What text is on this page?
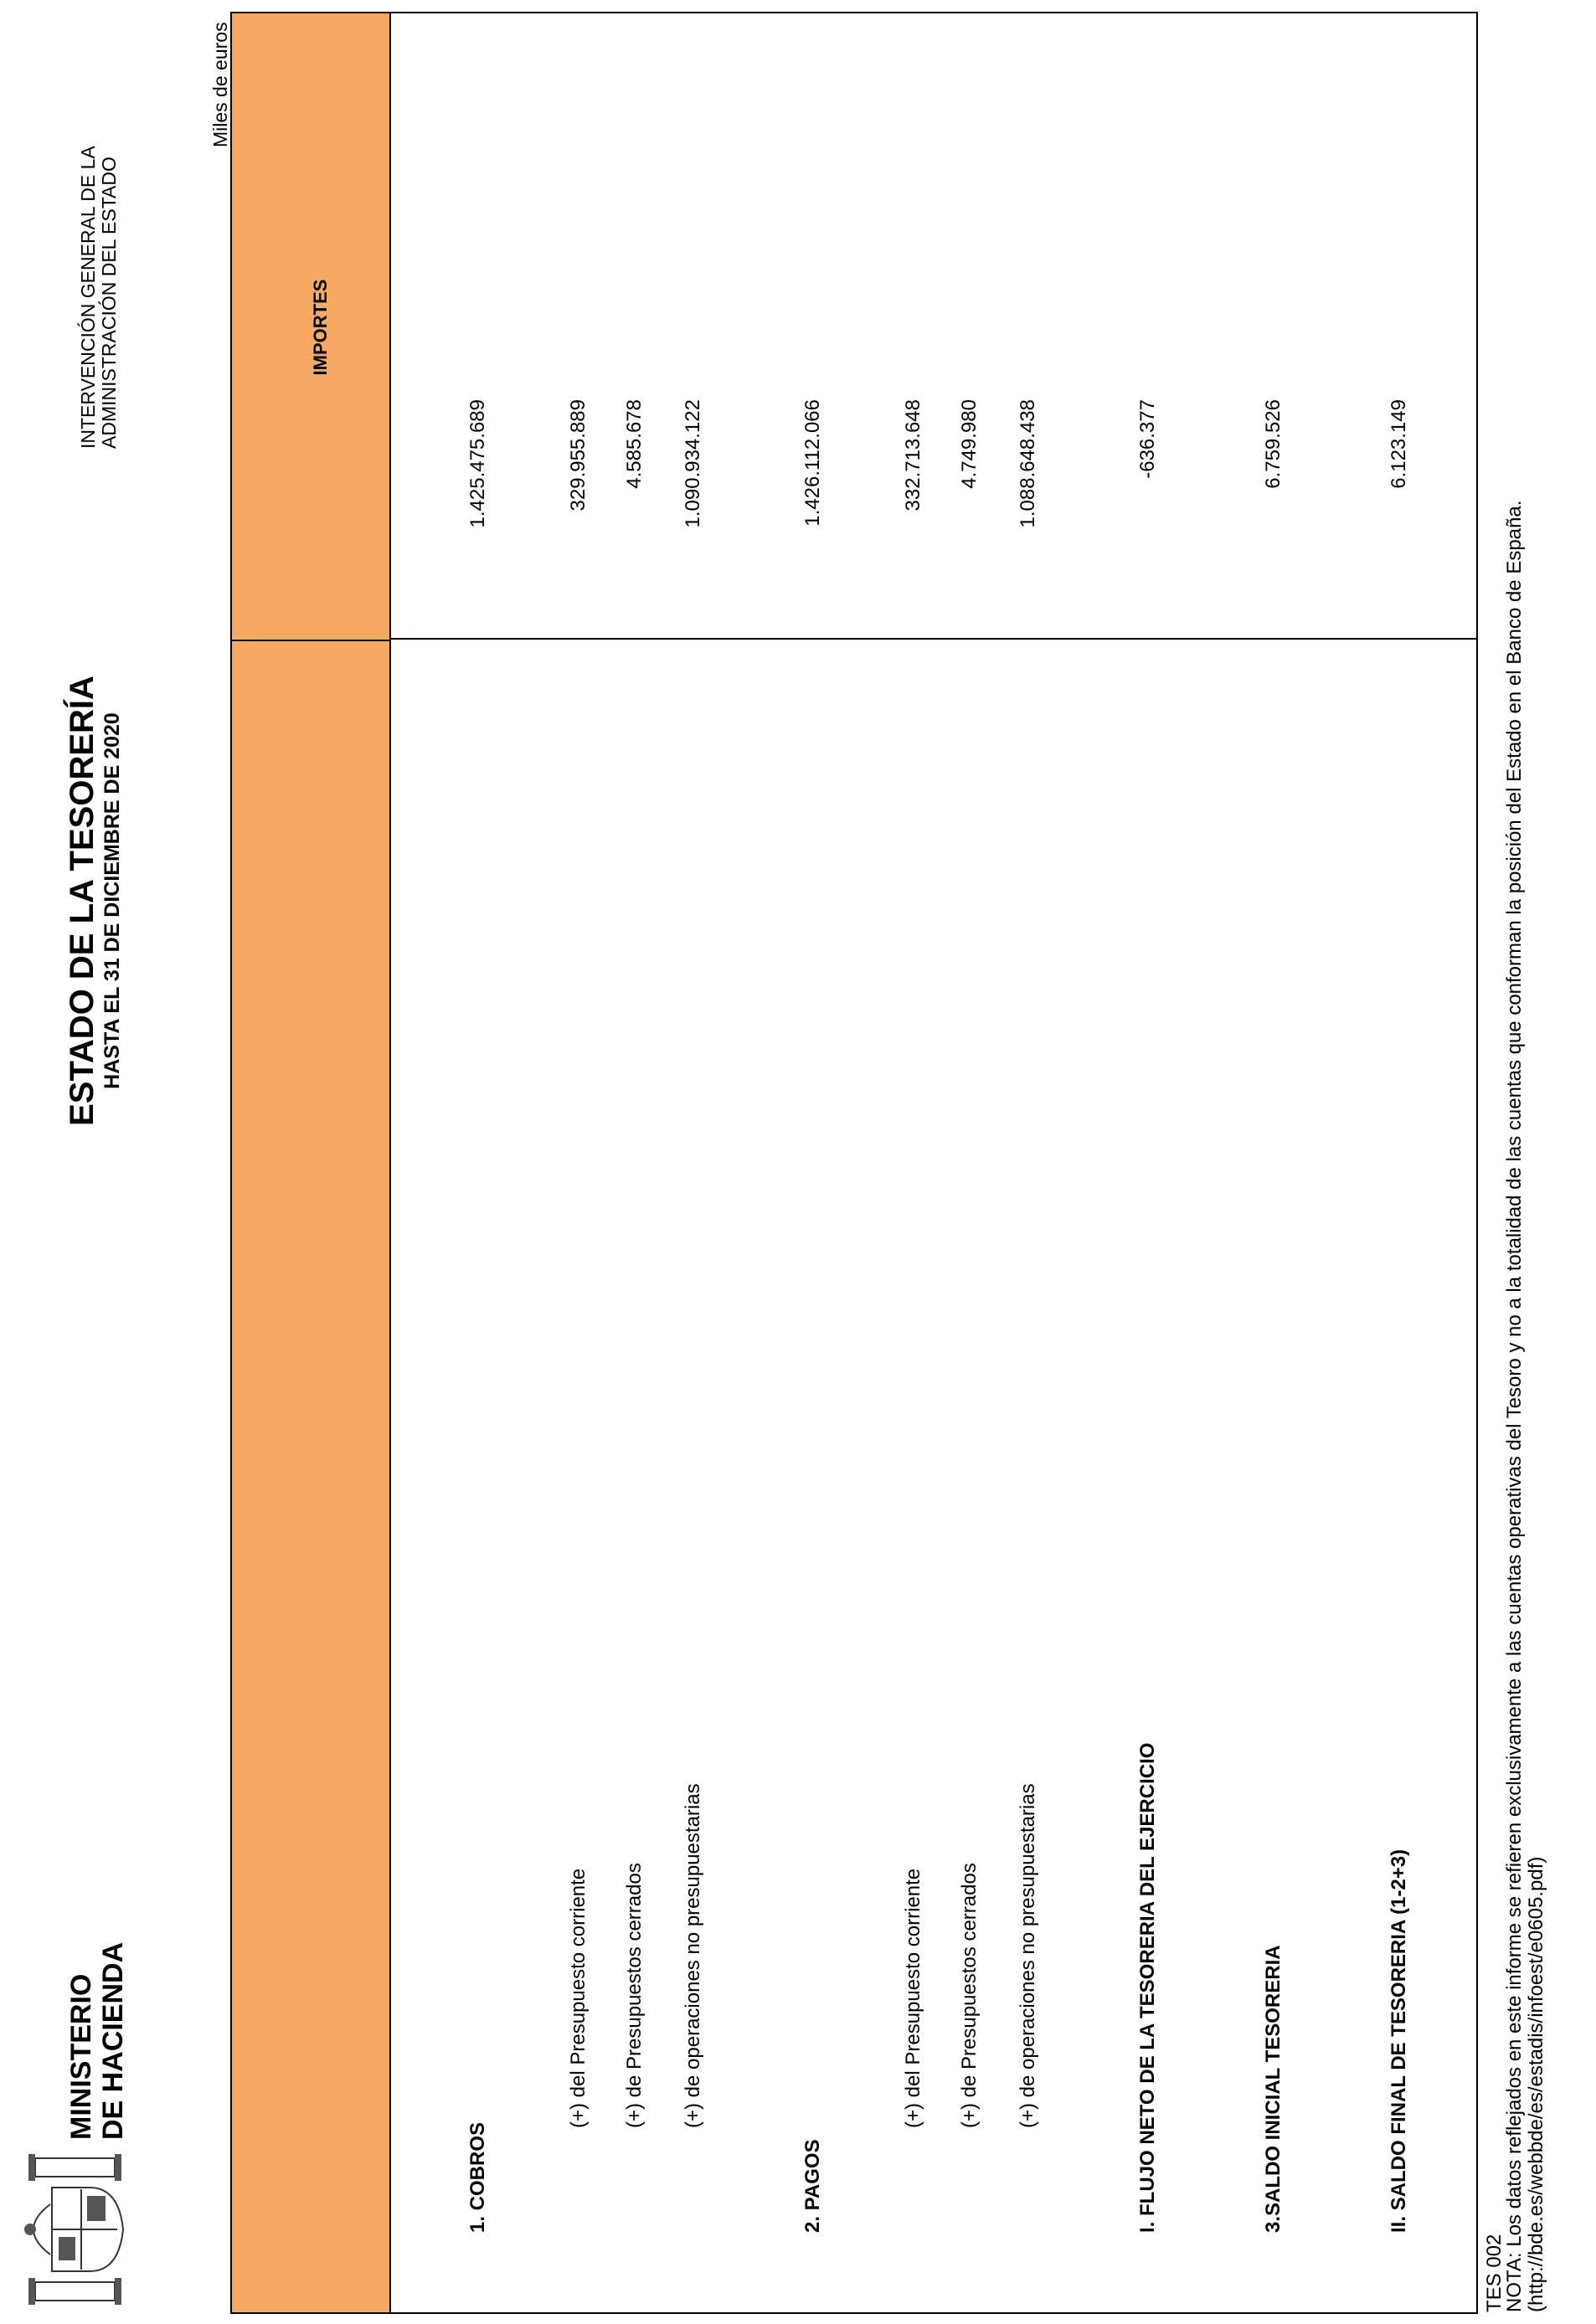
MINISTERIO DE HACIENDA
ESTADO DE LA TESORERÍA HASTA EL 31 DE DICIEMBRE DE 2020
INTERVENCIÓN GENERAL DE LA ADMINISTRACIÓN DEL ESTADO
Miles de euros
IMPORTES
1. COBROS
1.425.475.689
(+) del Presupuesto corriente
329.955.889
(+) de Presupuestos cerrados
4.585.678
(+) de operaciones no presupuestarias
1.090.934.122
2. PAGOS
1.426.112.066
(+) del Presupuesto corriente
332.713.648
(+) de Presupuestos cerrados
4.749.980
(+) de operaciones no presupuestarias
1.088.648.438
I. FLUJO NETO DE LA TESORERIA DEL EJERCICIO
-636.377
3.SALDO INICIAL TESORERIA
6.759.526
II. SALDO FINAL DE TESORERIA (1-2+3)
6.123.149
TES 002
NOTA: Los datos reflejados en este informe se refieren exclusivamente a las cuentas operativas del Tesoro y no a la totalidad de las cuentas que conforman la posición del Estado en el Banco de España. (http://bde.es/webbde/es/estadis/infoest/e0605.pdf)
